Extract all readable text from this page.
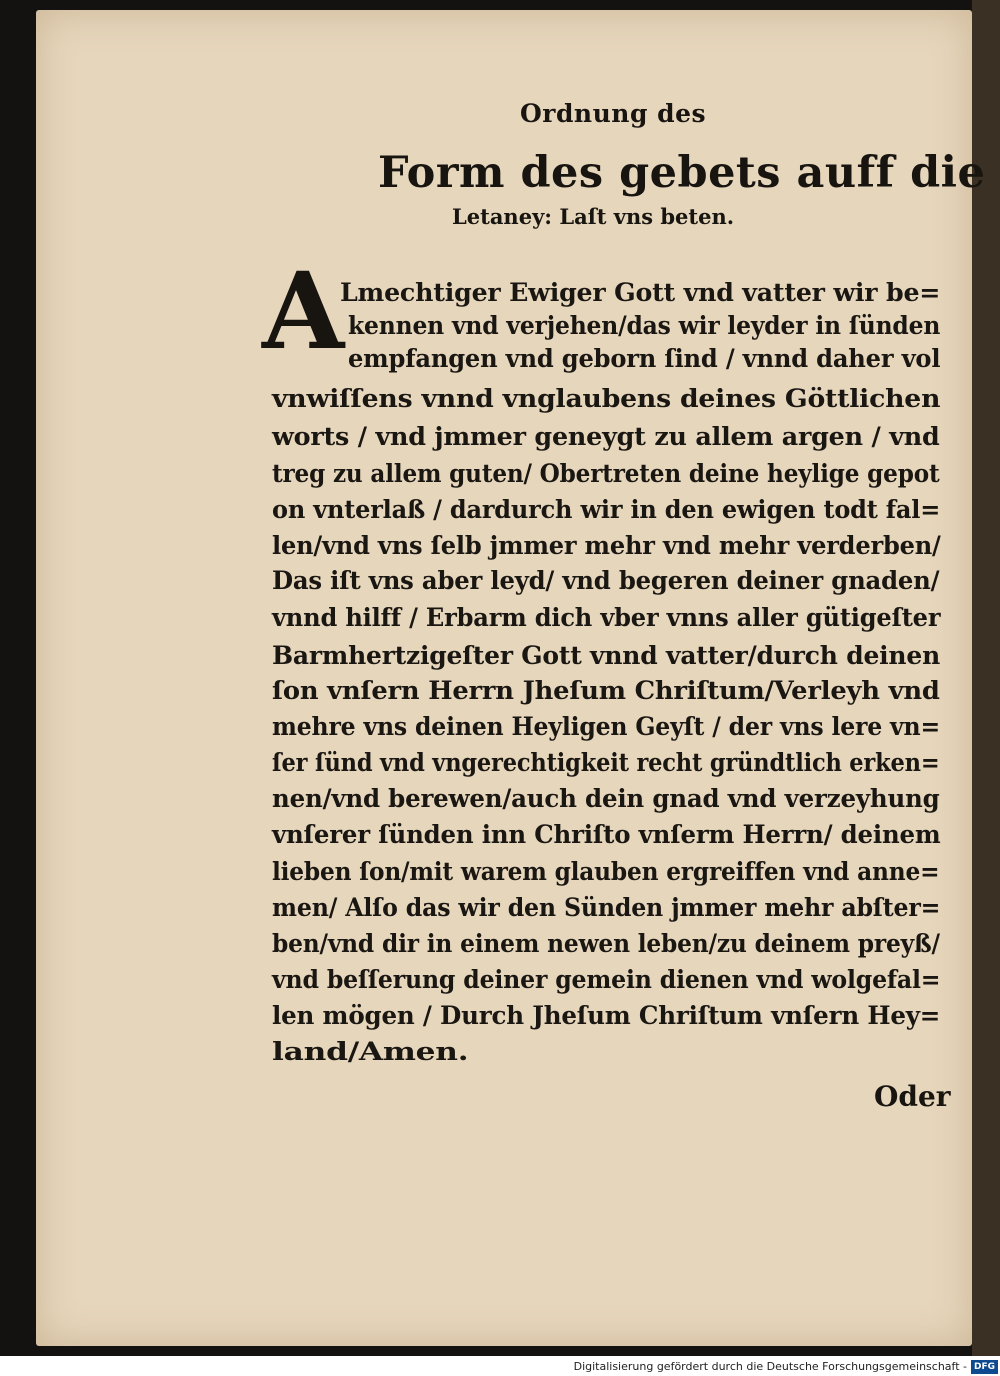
Ordnung des
Form des gebets auff die
Letaney: Laſt vns beten.
A
Lmechtiger Ewiger Gott vnd vatter wir be=
kennen vnd verjehen/das wir leyder in ſünden
empfangen vnd geborn ſind / vnnd daher vol
vnwiſſens vnnd vnglaubens deines Göttlichen
worts / vnd jmmer geneygt zu allem argen / vnd
treg zu allem guten/ Obertreten deine heylige gepot
on vnterlaß / dardurch wir in den ewigen todt fal=
len/vnd vns ſelb jmmer mehr vnd mehr verderben/
Das iſt vns aber leyd/ vnd begeren deiner gnaden/
vnnd hilff / Erbarm dich vber vnns aller gütigeſter
Barmhertzigeſter Gott vnnd vatter/durch deinen
ſon vnſern Herrn Jheſum Chriſtum/Verleyh vnd
mehre vns deinen Heyligen Geyſt / der vns lere vn=
ſer ſünd vnd vngerechtigkeit recht gründtlich erken=
nen/vnd berewen/auch dein gnad vnd verzeyhung
vnſerer ſünden inn Chriſto vnſerm Herrn/ deinem
lieben ſon/mit warem glauben ergreiffen vnd anne=
men/ Alſo das wir den Sünden jmmer mehr abſter=
ben/vnd dir in einem newen leben/zu deinem preyß/
vnd beſſerung deiner gemein dienen vnd wolgefal=
len mögen / Durch Jheſum Chriſtum vnſern Hey=
land/Amen.
Oder
Digitalisierung gefördert durch die Deutsche Forschungsgemeinschaft - DFG
